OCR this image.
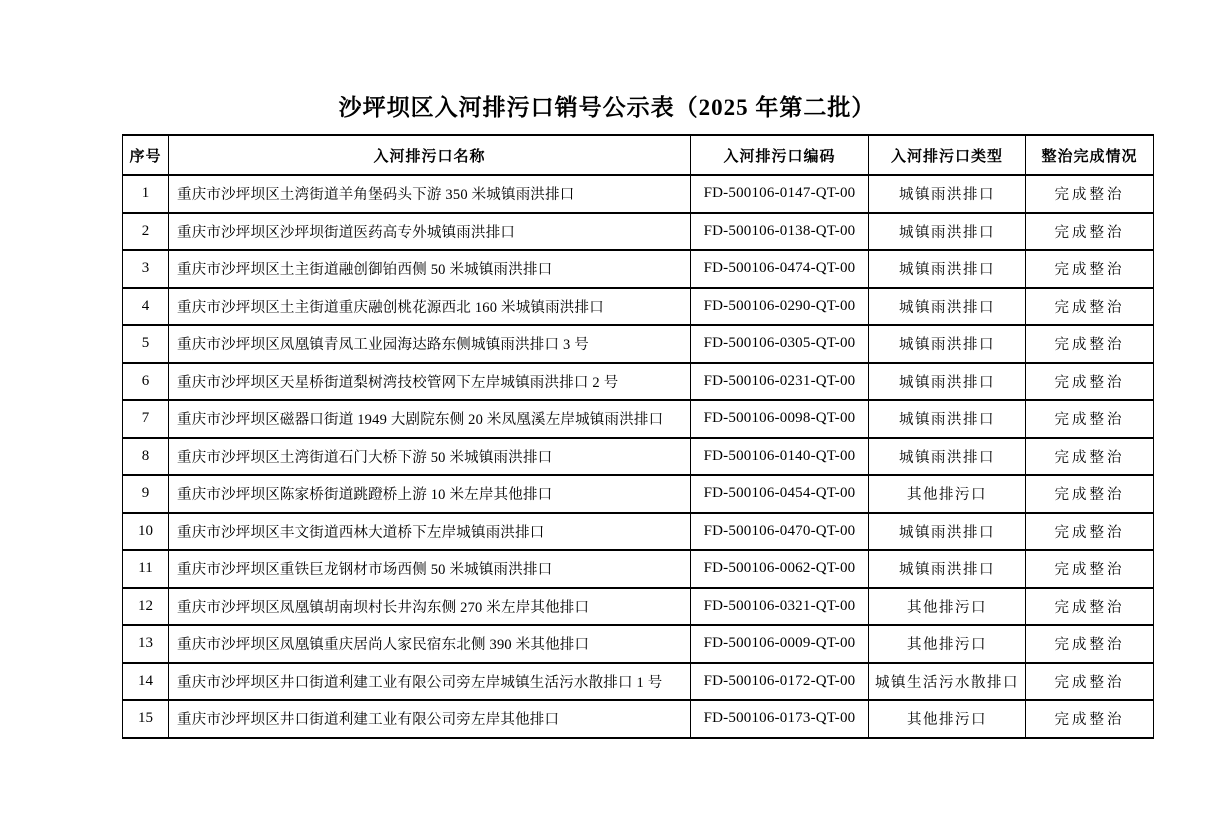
沙坪坝区入河排污口销号公示表（2025 年第二批）
序号	入河排污口名称	入河排污口编码	入河排污口类型	整治完成情况
1	重庆市沙坪坝区土湾街道羊角堡码头下游 350 米城镇雨洪排口	FD-500106-0147-QT-00	城镇雨洪排口	完成整治
2	重庆市沙坪坝区沙坪坝街道医药高专外城镇雨洪排口	FD-500106-0138-QT-00	城镇雨洪排口	完成整治
3	重庆市沙坪坝区土主街道融创御铂西侧 50 米城镇雨洪排口	FD-500106-0474-QT-00	城镇雨洪排口	完成整治
4	重庆市沙坪坝区土主街道重庆融创桃花源西北 160 米城镇雨洪排口	FD-500106-0290-QT-00	城镇雨洪排口	完成整治
5	重庆市沙坪坝区凤凰镇青凤工业园海达路东侧城镇雨洪排口 3 号	FD-500106-0305-QT-00	城镇雨洪排口	完成整治
6	重庆市沙坪坝区天星桥街道梨树湾技校管网下左岸城镇雨洪排口 2 号	FD-500106-0231-QT-00	城镇雨洪排口	完成整治
7	重庆市沙坪坝区磁器口街道 1949 大剧院东侧 20 米凤凰溪左岸城镇雨洪排口	FD-500106-0098-QT-00	城镇雨洪排口	完成整治
8	重庆市沙坪坝区土湾街道石门大桥下游 50 米城镇雨洪排口	FD-500106-0140-QT-00	城镇雨洪排口	完成整治
9	重庆市沙坪坝区陈家桥街道跳蹬桥上游 10 米左岸其他排口	FD-500106-0454-QT-00	其他排污口	完成整治
10	重庆市沙坪坝区丰文街道西林大道桥下左岸城镇雨洪排口	FD-500106-0470-QT-00	城镇雨洪排口	完成整治
11	重庆市沙坪坝区重铁巨龙钢材市场西侧 50 米城镇雨洪排口	FD-500106-0062-QT-00	城镇雨洪排口	完成整治
12	重庆市沙坪坝区凤凰镇胡南坝村长井沟东侧 270 米左岸其他排口	FD-500106-0321-QT-00	其他排污口	完成整治
13	重庆市沙坪坝区凤凰镇重庆居尚人家民宿东北侧 390 米其他排口	FD-500106-0009-QT-00	其他排污口	完成整治
14	重庆市沙坪坝区井口街道利建工业有限公司旁左岸城镇生活污水散排口 1 号	FD-500106-0172-QT-00	城镇生活污水散排口	完成整治
15	重庆市沙坪坝区井口街道利建工业有限公司旁左岸其他排口	FD-500106-0173-QT-00	其他排污口	完成整治
